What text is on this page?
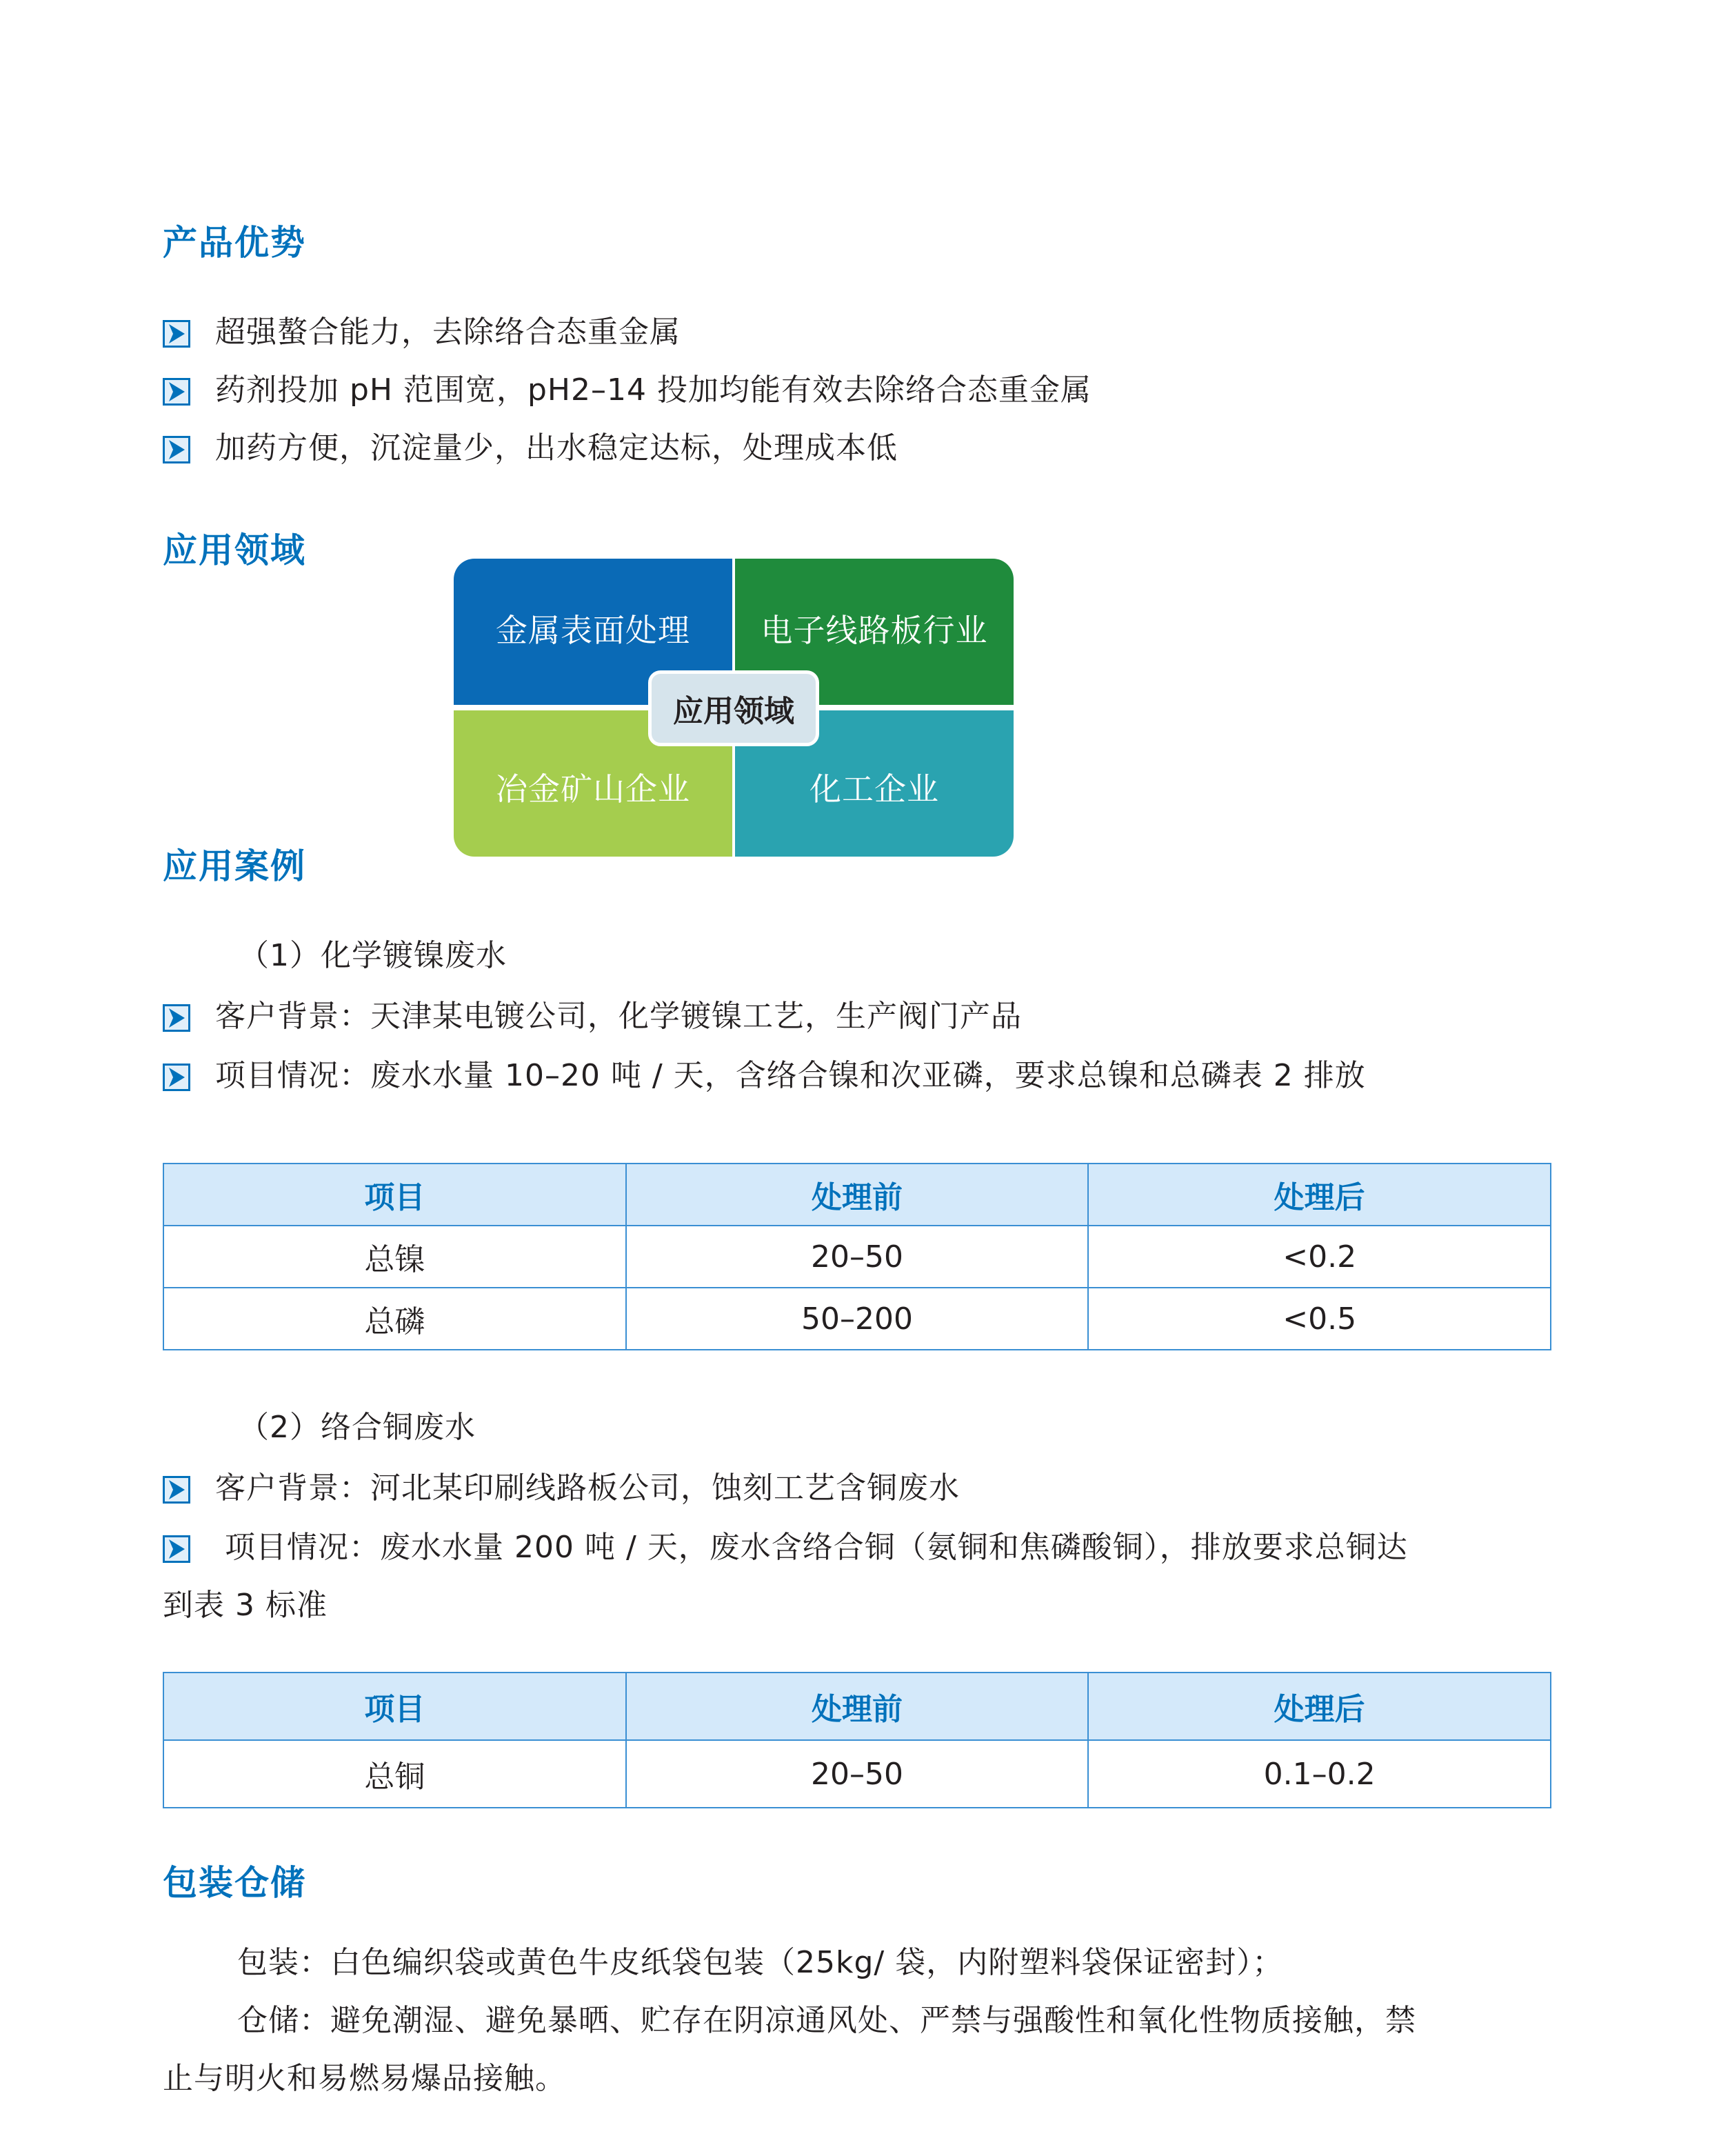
产品优势
超强螯合能力，去除络合态重金属
药剂投加 pH 范围宽，pH2–14 投加均能有效去除络合态重金属
加药方便，沉淀量少，出水稳定达标，处理成本低
应用领域
金属表面处理 电子线路板行业
冶金矿山企业	化工企业
应用领域
应用案例
（1）化学镀镍废水
客户背景：天津某电镀公司，化学镀镍工艺，生产阀门产品
项目情况：废水水量 10–20 吨 / 天，含络合镍和次亚磷，要求总镍和总磷表 2 排放
项目	处理前	处理后
总镍	20–50	<0.2
总磷	50–200	<0.5
（2）络合铜废水
客户背景：河北某印刷线路板公司，蚀刻工艺含铜废水
项目情况：废水水量 200 吨 / 天，废水含络合铜（氨铜和焦磷酸铜），排放要求总铜达
到表 3 标准
项目	处理前	处理后
总铜	20–50	0.1–0.2
包装仓储
包装：白色编织袋或黄色牛皮纸袋包装（25kg/ 袋，内附塑料袋保证密封）；
仓储：避免潮湿、避免暴晒、贮存在阴凉通风处、严禁与强酸性和氧化性物质接触，禁
止与明火和易燃易爆品接触。
